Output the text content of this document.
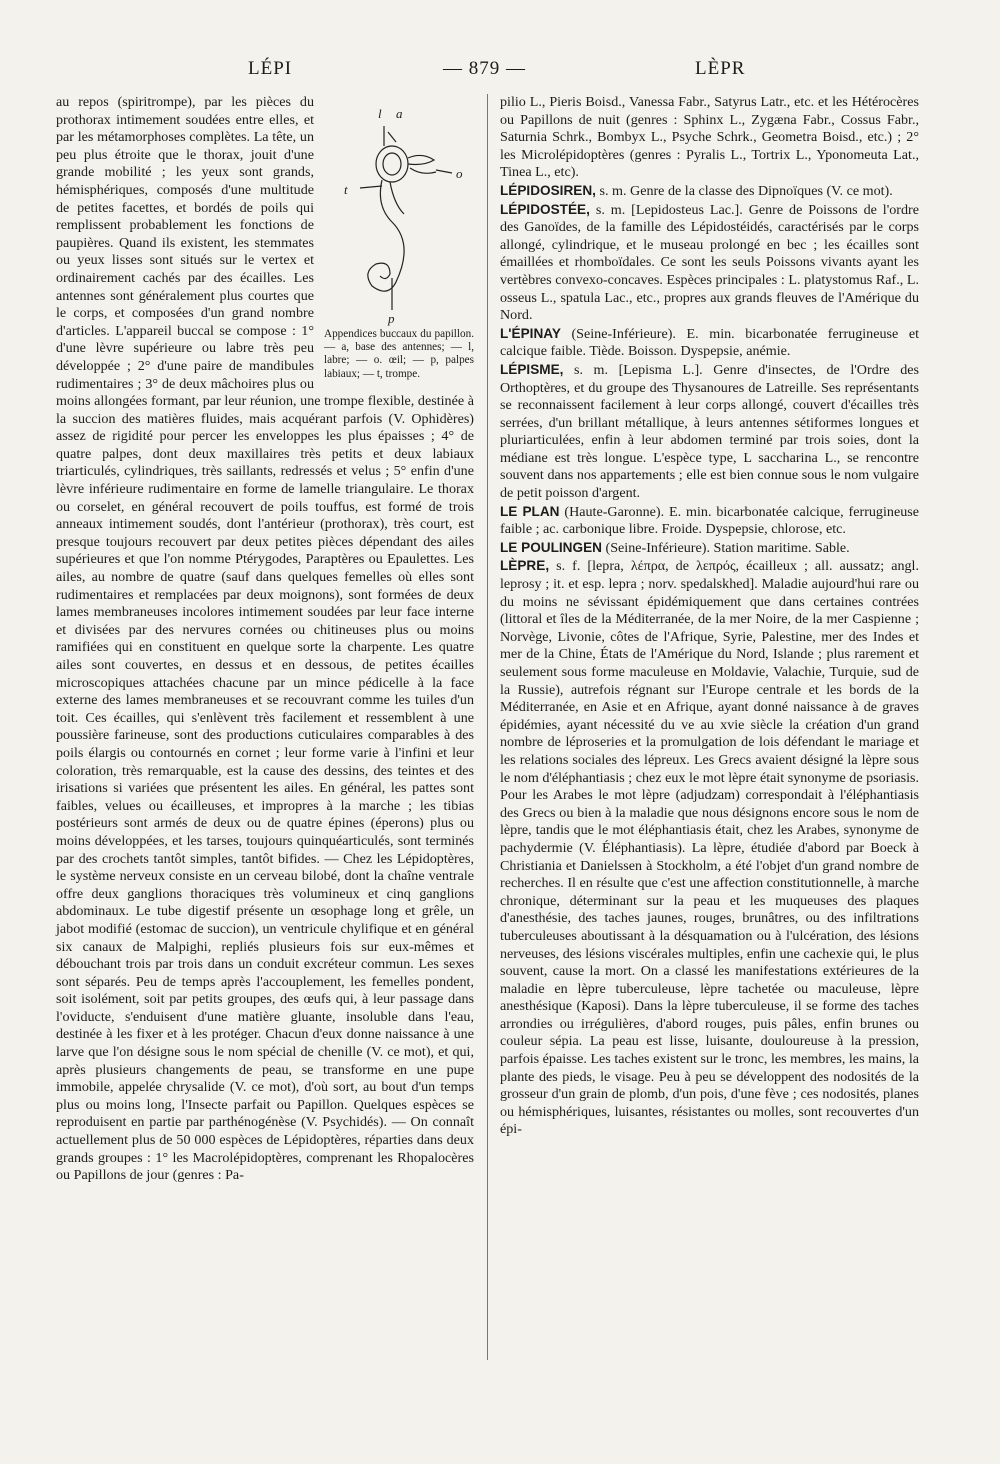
LÉPI	— 879 —	LÈPR
l a
o
t
p
Appendices buccaux du papillon. — a, base des antennes; — l, labre; — o. œil; — p, palpes labiaux; — t, trompe.

au repos (spiritrompe), par les pièces du prothorax intimement soudées entre elles, et par les métamorphoses complètes. La tête, un peu plus étroite que le thorax, jouit d'une grande mobilité ; les yeux sont grands, hémisphériques, composés d'une multitude de petites facettes, et bordés de poils qui remplissent probablement les fonctions de paupières. Quand ils existent, les stemmates ou yeux lisses sont situés sur le vertex et ordinairement cachés par des écailles. Les antennes sont généralement plus courtes que le corps, et composées d'un grand nombre d'articles. L'appareil buccal se compose : 1° d'une lèvre supérieure ou labre très peu développée ; 2° d'une paire de mandibules rudimentaires ; 3° de deux mâchoires plus ou moins allongées formant, par leur réunion, une trompe flexible, destinée à la succion des matières fluides, mais acquérant parfois (V. Ophidères) assez de rigidité pour percer les enveloppes les plus épaisses ; 4° de quatre palpes, dont deux maxillaires très petits et deux labiaux triarticulés, cylindriques, très saillants, redressés et velus ; 5° enfin d'une lèvre inférieure rudimentaire en forme de lamelle triangulaire. Le thorax ou corselet, en général recouvert de poils touffus, est formé de trois anneaux intimement soudés, dont l'antérieur (prothorax), très court, est presque toujours recouvert par deux petites pièces dépendant des ailes supérieures et que l'on nomme Ptérygodes, Paraptères ou Epaulettes. Les ailes, au nombre de quatre (sauf dans quelques femelles où elles sont rudimentaires et remplacées par deux moignons), sont formées de deux lames membraneuses incolores intimement soudées par leur face interne et divisées par des nervures cornées ou chitineuses plus ou moins ramifiées qui en constituent en quelque sorte la charpente. Les quatre ailes sont couvertes, en dessus et en dessous, de petites écailles microscopiques attachées chacune par un mince pédicelle à la face externe des lames membraneuses et se recouvrant comme les tuiles d'un toit. Ces écailles, qui s'enlèvent très facilement et ressemblent à une poussière farineuse, sont des productions cuticulaires comparables à des poils élargis ou contournés en cornet ; leur forme varie à l'infini et leur coloration, très remarquable, est la cause des dessins, des teintes et des irisations si variées que présentent les ailes. En général, les pattes sont faibles, velues ou écailleuses, et impropres à la marche ; les tibias postérieurs sont armés de deux ou de quatre épines (éperons) plus ou moins développées, et les tarses, toujours quinquéarticulés, sont terminés par des crochets tantôt simples, tantôt bifides. — Chez les Lépidoptères, le système nerveux consiste en un cerveau bilobé, dont la chaîne ventrale offre deux ganglions thoraciques très volumineux et cinq ganglions abdominaux. Le tube digestif présente un œsophage long et grêle, un jabot modifié (estomac de succion), un ventricule chylifique et en général six canaux de Malpighi, repliés plusieurs fois sur eux-mêmes et débouchant trois par trois dans un conduit excréteur commun. Les sexes sont séparés. Peu de temps après l'accouplement, les femelles pondent, soit isolément, soit par petits groupes, des œufs qui, à leur passage dans l'oviducte, s'enduisent d'une matière gluante, insoluble dans l'eau, destinée à les fixer et à les protéger. Chacun d'eux donne naissance à une larve que l'on désigne sous le nom spécial de chenille (V. ce mot), et qui, après plusieurs changements de peau, se transforme en une pupe immobile, appelée chrysalide (V. ce mot), d'où sort, au bout d'un temps plus ou moins long, l'Insecte parfait ou Papillon. Quelques espèces se reproduisent en partie par parthénogénèse (V. Psychidés). — On connaît actuellement plus de 50 000 espèces de Lépidoptères, réparties dans deux grands groupes : 1° les Macrolépidoptères, comprenant les Rhopalocères ou Papillons de jour (genres : Pa-

pilio L., Pieris Boisd., Vanessa Fabr., Satyrus Latr., etc. et les Hétérocères ou Papillons de nuit (genres : Sphinx L., Zygæna Fabr., Cossus Fabr., Saturnia Schrk., Bombyx L., Psyche Schrk., Geometra Boisd., etc.) ; 2° les Microlépidoptères (genres : Pyralis L., Tortrix L., Yponomeuta Lat., Tinea L., etc).

LÉPIDOSIREN, s. m. Genre de la classe des Dipnoïques (V. ce mot).

LÉPIDOSTÉE, s. m. [Lepidosteus Lac.]. Genre de Poissons de l'ordre des Ganoïdes, de la famille des Lépidostéidés, caractérisés par le corps allongé, cylindrique, et le museau prolongé en bec ; les écailles sont émaillées et rhomboïdales. Ce sont les seuls Poissons vivants ayant les vertèbres convexo-concaves. Espèces principales : L. platystomus Raf., L. osseus L., spatula Lac., etc., propres aux grands fleuves de l'Amérique du Nord.

L'ÉPINAY (Seine-Inférieure). E. min. bicarbonatée ferrugineuse et calcique faible. Tiède. Boisson. Dyspepsie, anémie.

LÉPISME, s. m. [Lepisma L.]. Genre d'insectes, de l'Ordre des Orthoptères, et du groupe des Thysanoures de Latreille. Ses représentants se reconnaissent facilement à leur corps allongé, couvert d'écailles très serrées, d'un brillant métallique, à leurs antennes sétiformes longues et pluriarticulées, enfin à leur abdomen terminé par trois soies, dont la médiane est très longue. L'espèce type, L saccharina L., se rencontre souvent dans nos appartements ; elle est bien connue sous le nom vulgaire de petit poisson d'argent.

LE PLAN (Haute-Garonne). E. min. bicarbonatée calcique, ferrugineuse faible ; ac. carbonique libre. Froide. Dyspepsie, chlorose, etc.

LE POULINGEN (Seine-Inférieure). Station maritime. Sable.

LÈPRE, s. f. [lepra, λέπρα, de λεπρός, écailleux ; all. aussatz; angl. leprosy ; it. et esp. lepra ; norv. spedalskhed]. Maladie aujourd'hui rare ou du moins ne sévissant épidémiquement que dans certaines contrées (littoral et îles de la Méditerranée, de la mer Noire, de la mer Caspienne ; Norvège, Livonie, côtes de l'Afrique, Syrie, Palestine, mer des Indes et mer de la Chine, États de l'Amérique du Nord, Islande ; plus rarement et seulement sous forme maculeuse en Moldavie, Valachie, Turquie, sud de la Russie), autrefois régnant sur l'Europe centrale et les bords de la Méditerranée, en Asie et en Afrique, ayant donné naissance à de graves épidémies, ayant nécessité du ve au xvie siècle la création d'un grand nombre de léproseries et la promulgation de lois défendant le mariage et les relations sociales des lépreux. Les Grecs avaient désigné la lèpre sous le nom d'éléphantiasis ; chez eux le mot lèpre était synonyme de psoriasis. Pour les Arabes le mot lèpre (adjudzam) correspondait à l'éléphantiasis des Grecs ou bien à la maladie que nous désignons encore sous le nom de lèpre, tandis que le mot éléphantiasis était, chez les Arabes, synonyme de pachydermie (V. Éléphantiasis). La lèpre, étudiée d'abord par Boeck à Christiania et Danielssen à Stockholm, a été l'objet d'un grand nombre de recherches. Il en résulte que c'est une affection constitutionnelle, à marche chronique, déterminant sur la peau et les muqueuses des plaques d'anesthésie, des taches jaunes, rouges, brunâtres, ou des infiltrations tuberculeuses aboutissant à la désquamation ou à l'ulcération, des lésions nerveuses, des lésions viscérales multiples, enfin une cachexie qui, le plus souvent, cause la mort. On a classé les manifestations extérieures de la maladie en lèpre tuberculeuse, lèpre tachetée ou maculeuse, lèpre anesthésique (Kaposi). Dans la lèpre tuberculeuse, il se forme des taches arrondies ou irrégulières, d'abord rouges, puis pâles, enfin brunes ou couleur sépia. La peau est lisse, luisante, douloureuse à la pression, parfois épaisse. Les taches existent sur le tronc, les membres, les mains, la plante des pieds, le visage. Peu à peu se développent des nodosités de la grosseur d'un grain de plomb, d'un pois, d'une fève ; ces nodosités, planes ou hémisphériques, luisantes, résistantes ou molles, sont recouvertes d'un épi-
